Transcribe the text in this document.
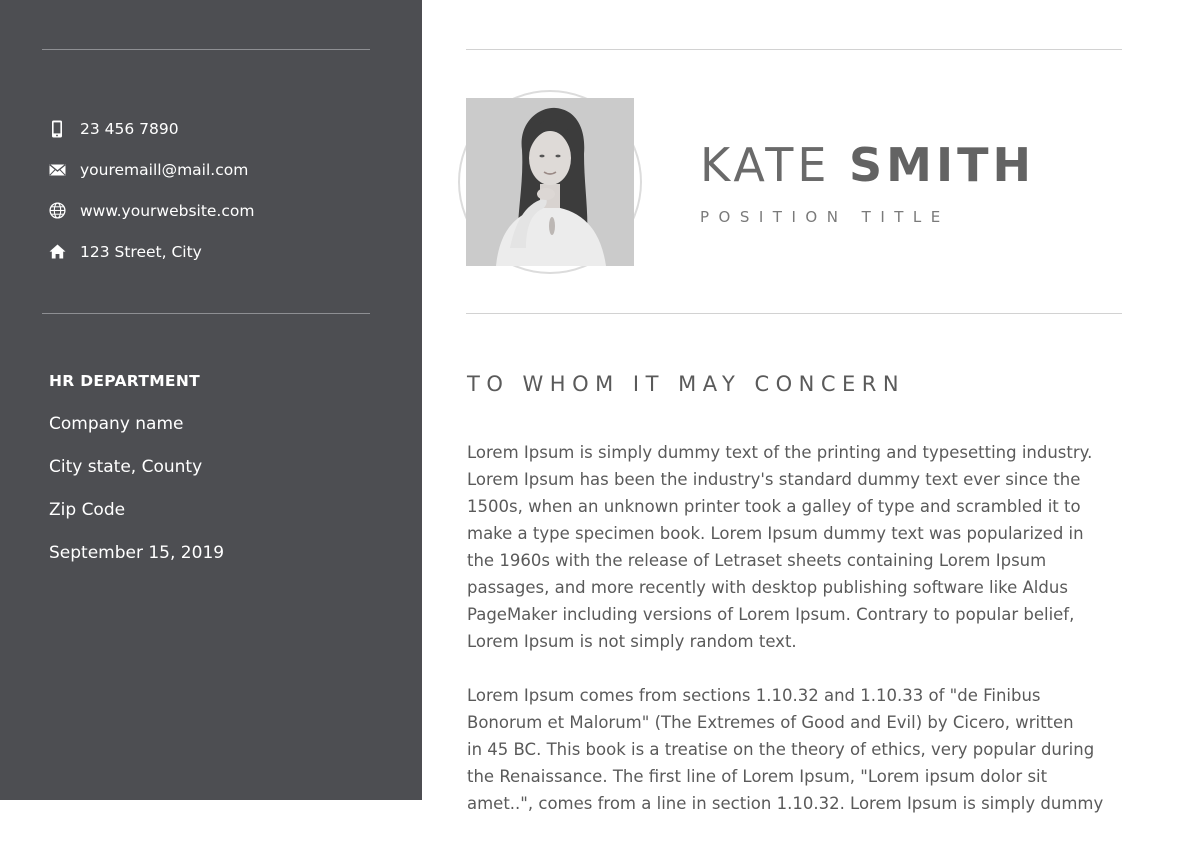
23 456 7890
youremaill@mail.com
www.yourwebsite.com
123 Street, City
HR DEPARTMENT
Company name
City state, County
Zip Code
September 15, 2019
KATE SMITH
POSITION TITLE
TO WHOM IT MAY CONCERN

Lorem Ipsum is simply dummy text of the printing and typesetting industry.
Lorem Ipsum has been the industry's standard dummy text ever since the
1500s, when an unknown printer took a galley of type and scrambled it to
make a type specimen book. Lorem Ipsum dummy text was popularized in
the 1960s with the release of Letraset sheets containing Lorem Ipsum
passages, and more recently with desktop publishing software like Aldus
PageMaker including versions of Lorem Ipsum. Contrary to popular belief,
Lorem Ipsum is not simply random text.

Lorem Ipsum comes from sections 1.10.32 and 1.10.33 of "de Finibus
Bonorum et Malorum" (The Extremes of Good and Evil) by Cicero, written
in 45 BC. This book is a treatise on the theory of ethics, very popular during
the Renaissance. The first line of Lorem Ipsum, "Lorem ipsum dolor sit
amet..", comes from a line in section 1.10.32. Lorem Ipsum is simply dummy
